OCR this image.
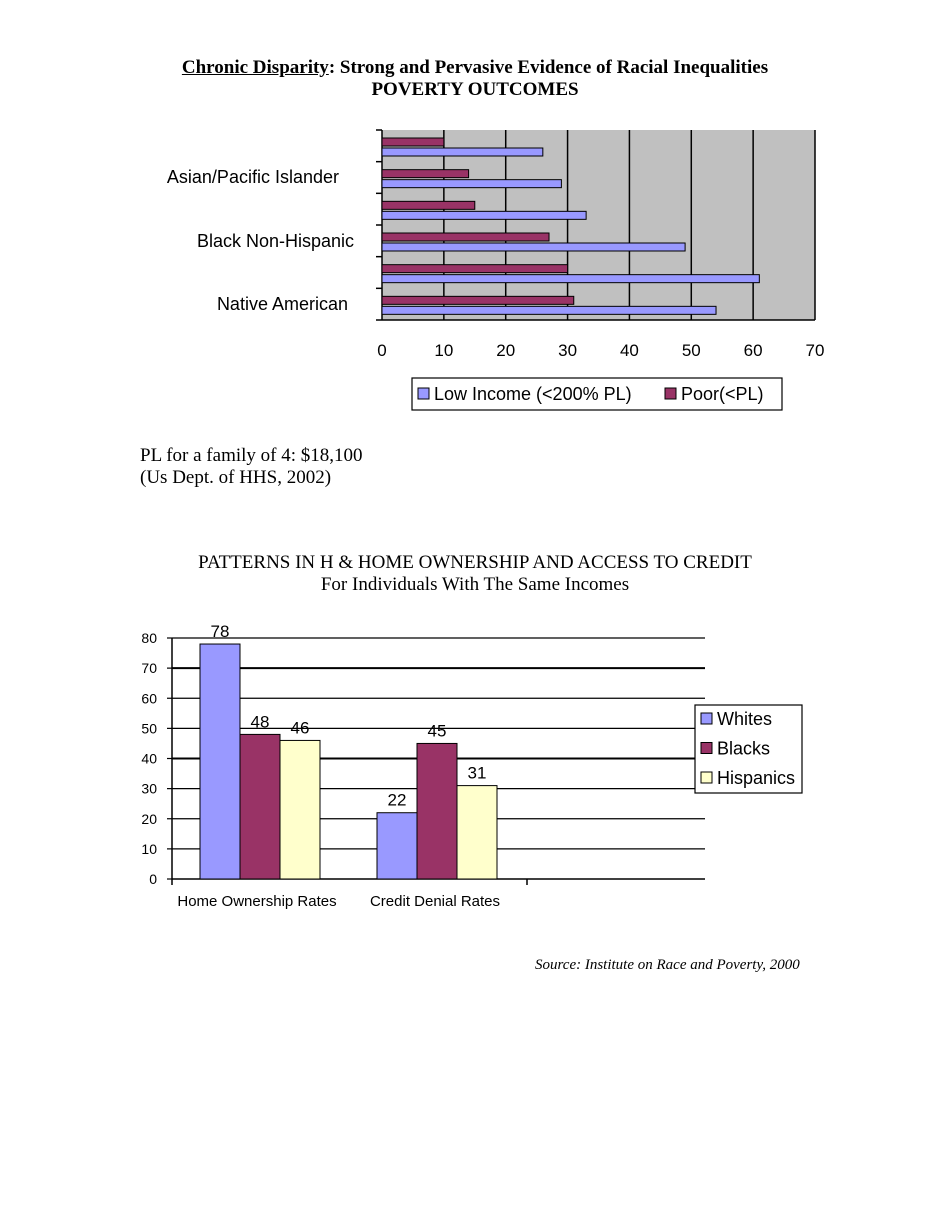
Chronic Disparity: Strong and Pervasive Evidence of Racial Inequalities
POVERTY OUTCOMES
0	10	20	30	40	50	60	70
Asian/Pacific Islander
Black Non-Hispanic
Native American
Low Income (<200% PL)	Poor(<PL)
PL for a family of 4: $18,100
(Us Dept. of HHS, 2002)
PATTERNS IN H & HOME OWNERSHIP AND ACCESS TO CREDIT
For Individuals With The Same Incomes
0
10
20
30
40
50
60
70
80	78
48 46
22
45
31
Home Ownership Rates Credit Denial Rates
Whites
Blacks
Hispanics
Source: Institute on Race and Poverty, 2000
